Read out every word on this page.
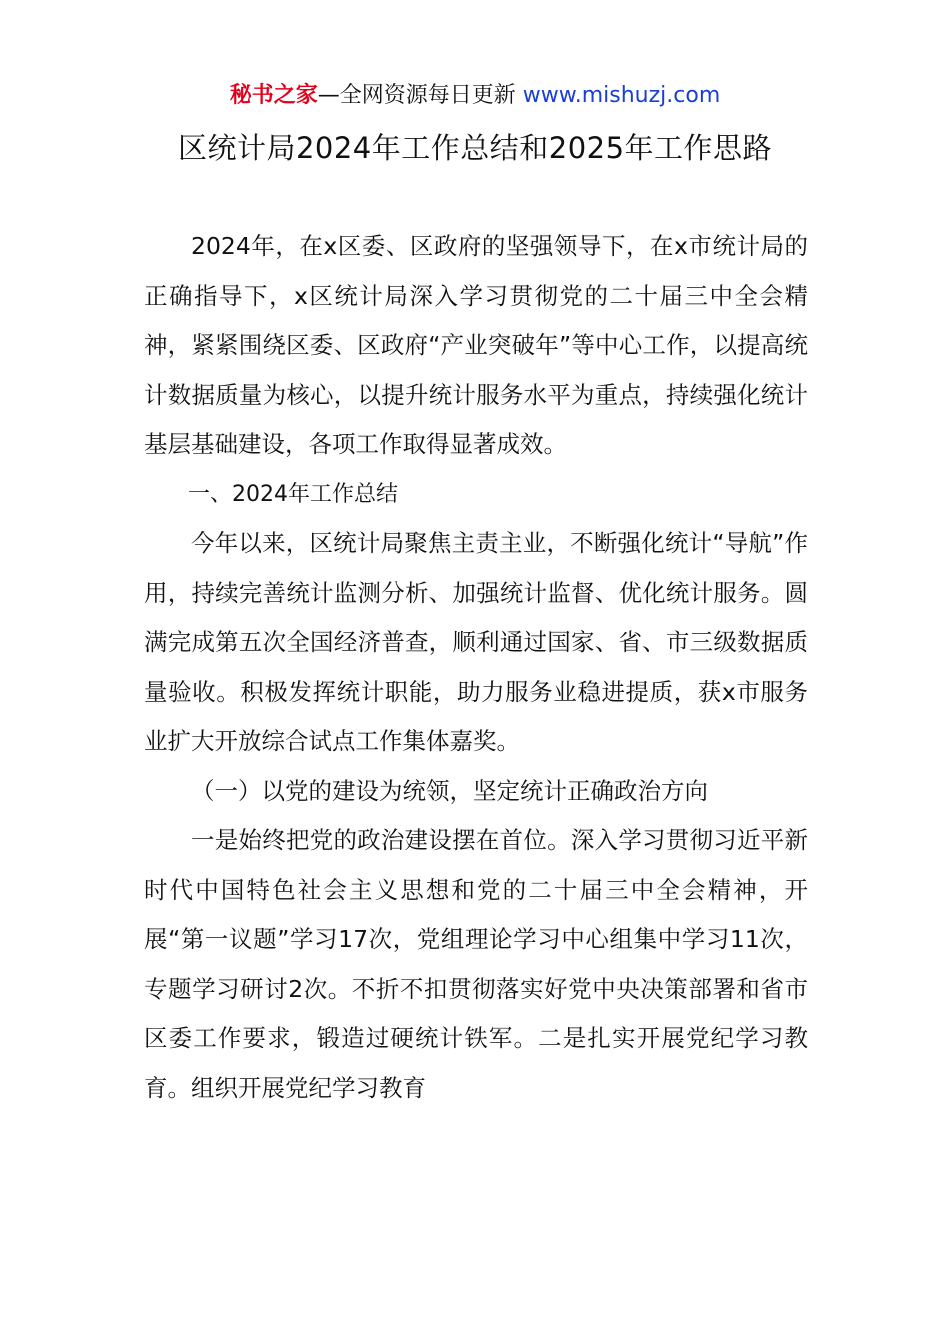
秘书之家—全网资源每日更新 www.mishuzj.com
区统计局2024年工作总结和2025年工作思路

2024年，在x区委、区政府的坚强领导下，在x市统计局的正确指导下，x区统计局深入学习贯彻党的二十届三中全会精神，紧紧围绕区委、区政府“产业突破年”等中心工作，以提高统计数据质量为核心，以提升统计服务水平为重点，持续强化统计基层基础建设，各项工作取得显著成效。

一、2024年工作总结

今年以来，区统计局聚焦主责主业，不断强化统计“导航”作用，持续完善统计监测分析、加强统计监督、优化统计服务。圆满完成第五次全国经济普查，顺利通过国家、省、市三级数据质量验收。积极发挥统计职能，助力服务业稳进提质，获x市服务业扩大开放综合试点工作集体嘉奖。

（一）以党的建设为统领，坚定统计正确政治方向

一是始终把党的政治建设摆在首位。深入学习贯彻习近平新时代中国特色社会主义思想和党的二十届三中全会精神，开展“第一议题”学习17次，党组理论学习中心组集中学习11次，专题学习研讨2次。不折不扣贯彻落实好党中央决策部署和省市区委工作要求，锻造过硬统计铁军。二是扎实开展党纪学习教育。组织开展党纪学习教育
